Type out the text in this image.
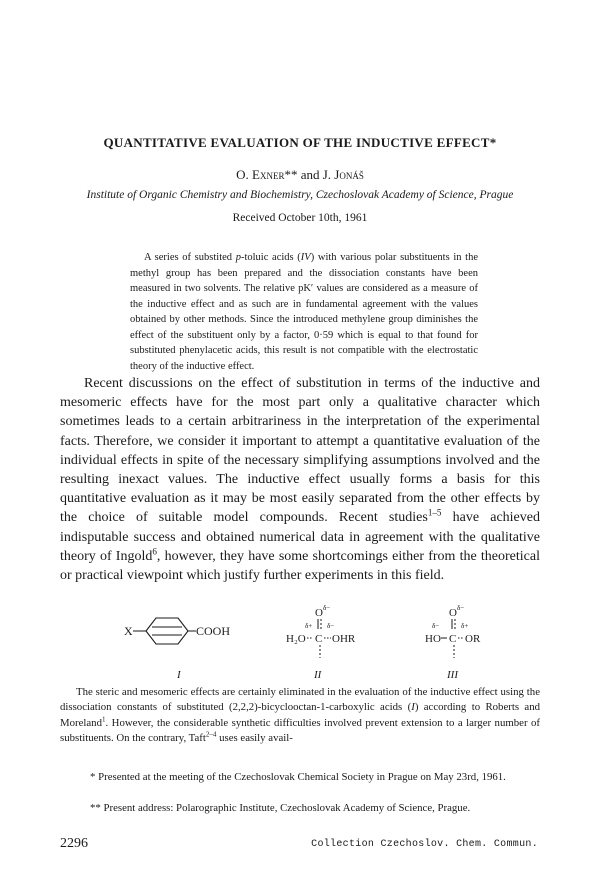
QUANTITATIVE EVALUATION OF THE INDUCTIVE EFFECT*
O. Exner** and J. Jonáš
Institute of Organic Chemistry and Biochemistry, Czechoslovak Academy of Science, Prague
Received October 10th, 1961
A series of substited p-toluic acids (IV) with various polar substituents in the methyl group has been prepared and the dissociation constants have been measured in two solvents. The relative pK′ values are considered as a measure of the inductive effect and as such are in fundamental agreement with the values obtained by other methods. Since the introduced methylene group diminishes the effect of the substituent only by a factor, 0·59 which is equal to that found for substituted phenylacetic acids, this result is not compatible with the electrostatic theory of the inductive effect.
Recent discussions on the effect of substitution in terms of the inductive and mesomeric effects have for the most part only a qualitative character which sometimes leads to a certain arbitrariness in the interpretation of the experimental facts. Therefore, we consider it important to attempt a quantitative evaluation of the individual effects in spite of the necessary simplifying assumptions involved and the resulting inexact values. The inductive effect usually forms a basis for this quantitative evaluation as it may be most easily separated from the other effects by the choice of suitable model compounds. Recent studies$^{1-5}$ have achieved indisputable success and obtained numerical data in agreement with the qualitative theory of Ingold$^6$, however, they have some shortcomings either from the theoretical or practical viewpoint which justify further experiments in this field.
X	COOH
I
O δ−
δ+ δ−
H₂O C OHR
II
O δ−
δ−	δ+
HO C OR
III
The steric and mesomeric effects are certainly eliminated in the evaluation of the inductive effect using the dissociation constants of substituted (2,2,2)-bicyclooctan-1-carboxylic acids (I) according to Roberts and Moreland$^1$. However, the considerable synthetic difficulties involved prevent extension to a larger number of substituents. On the contrary, Taft$^{2-4}$ uses easily avail-
* Presented at the meeting of the Czechoslovak Chemical Society in Prague on May 23rd, 1961.
** Present address: Polarographic Institute, Czechoslovak Academy of Science, Prague.
2296	Collection Czechoslov. Chem. Commun.
